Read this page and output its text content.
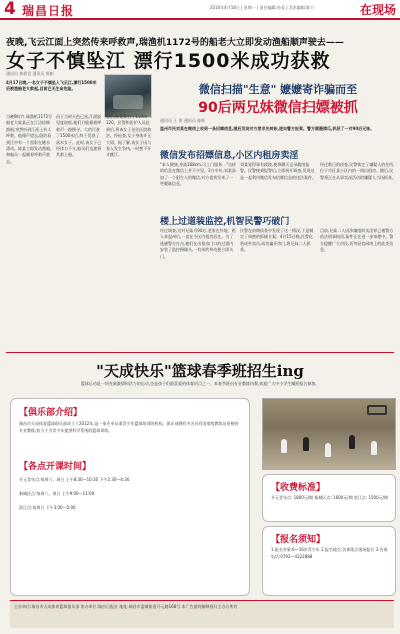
4 瑞昌日报	2016年4月18日 | 星期一 | 责任编辑:孙爱 | 美术编辑:陈力	在现场
夜晚,飞云江面上突然传来呼救声,瑞渔机1172号的船老大立即发动渔船顺声驶去——
女子不慎坠江 漂行1500米成功获救
通讯员 黄碧君 通讯员 陈彬
4月17日晚,一名女子不慎坠入飞云江,漂行1500米后被渔船老大救起,目前已无生命危险。
当晚9时许,瑞渔机1172号船老大陈某正在江边检修渔船,突然听到江面上有人呼救。他循声望去,隐约看到江中有一个黑影在随水漂动。陈某立即发动渔船,和船员一起顺着呼救声驶去。
由于当时天色已黑,江面能见度较低,他们只能循着呼救声一路搜寻。大约行驶了1500米后,终于发现了落水女子。此时,该女子已经体力不支,船员们迅速将其救上船。
随后,陈某拨打了110和120。民警和医护人员赶到后,将该女子送往医院救治。经检查,女子身体并无大碍。据了解,该女子因与家人发生争执,一时想不开才跳江。
微信扫描"生意" 嬷嬷寄诈骗而至
90后两兄妹微信扫嫖被抓
通讯员 王 黄 通讯员 陈彬
温州市民刘某在微信上收到一条招嫖信息,随后发现对方要求先转账,遂向警方报案。警方顺藤摸瓜,抓获了一对90后兄妹。
微信发布招嫖信息,小区内租房卖淫
"本人健康,身高168cm,可上门服务…"这样的信息在微信上并不少见。3月中旬,刘某添加了一个陌生人的微信,对方很快发来了一些暧昧信息。
刘某觉得事有蹊跷,便将聊天记录截图报警。民警接到报警后,立即展开调查,发现这是一起利用微信发布招嫖信息的违法案件。
经过数日的侦查,民警锁定了嫌疑人的住所,位于市区某小区内的一间出租房。随后,民警将正在从事卖淫活动的嫌疑人当场抓获。
楼上过道装监控,机智民警巧破门
经过调查,这对兄妹为90后,老家在外地。两人来温州后,一直在小区内租房居住。为了逃避警方打击,他们在出租房门口的过道内安装了监控摄像头,一有风吹草动便立即关门。
民警在前期侦查中发现了这一情况,于是制定了周密的抓捕方案。4月15日晚,民警化装成外卖员,成功骗开房门,将兄妹二人抓获。
目前,兄妹二人因涉嫌组织卖淫罪已被警方依法刑事拘留,案件正在进一步审理中。警方提醒广大市民,切勿轻信网络上的此类信息。
"天成快乐"篮球春季班招生ing
篮球运动是一项充满激情和活力的运动,也是孩子们最喜爱的体育项目之一。本春季班由专业教练执教,欢迎广大中小学生踊跃报名参加。
【俱乐部介绍】
瑞昌市天成体育篮球俱乐部成立于2012年,是一家专业从事青少年篮球培训的机构。俱乐部拥有多名具有国家级教练员资格的专业教练,致力于为青少年提供科学系统的篮球训练。
【各点开课时间】
开元青年点:每周六、周日 上午8:30—10:30 下午2:30—4:30
新城区点:每周六、周日 上午9:00—11:00
滨江点:每周日 下午3:00—5:00
【收费标准】
开元青年点: 1800元/期 新城区点: 1600元/期 滨江点: 1500元/期
【报名须知】
1.报名对象:6—16岁青少年 2.报名地点:各训练点现场报名 3.咨询电话:0792—4222888
主办单位:瑞昌市天成体育篮球俱乐部 协办单位:瑞昌日报社 地址:瑞昌市湓城街道开元路168号 本广告最终解释权归主办方所有
